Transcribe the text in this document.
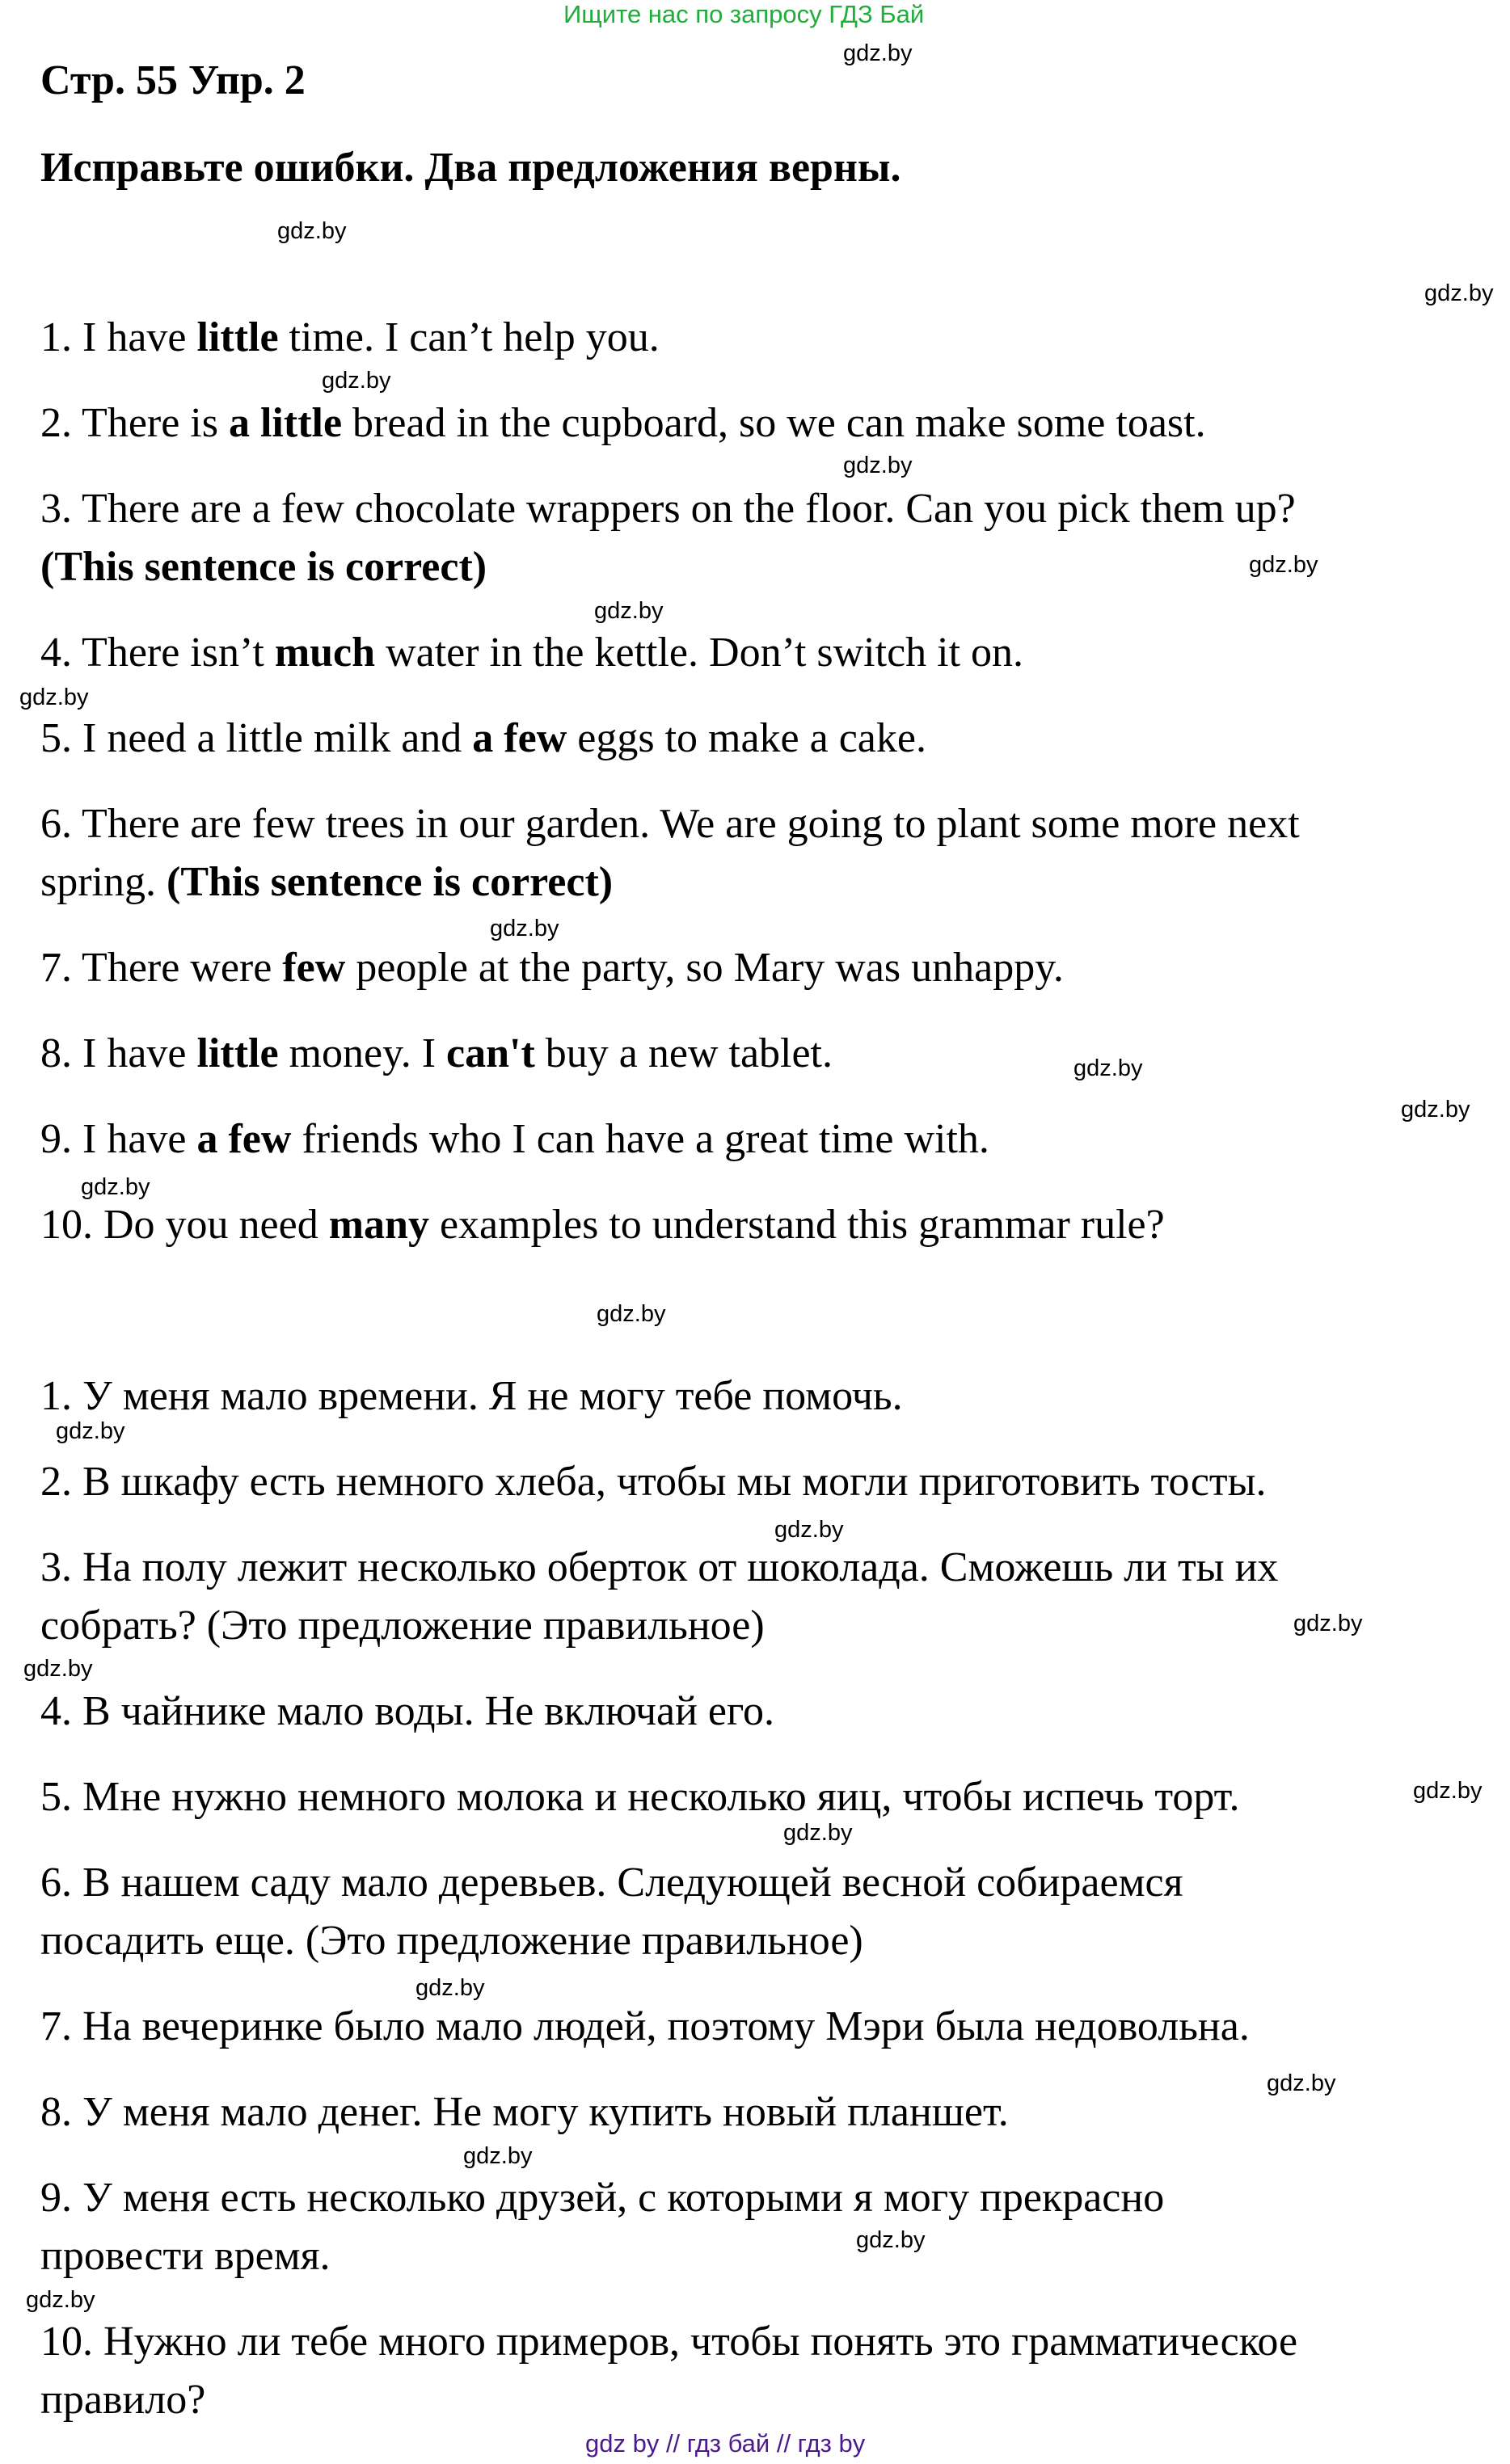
Ищите нас по запросу ГДЗ Бай
Стр. 55 Упр. 2
Исправьте ошибки. Два предложения верны.
1. I have little time. I can’t help you.
2. There is a little bread in the cupboard, so we can make some toast.
3. There are a few chocolate wrappers on the floor. Can you pick them up?
(This sentence is correct)
4. There isn’t much water in the kettle. Don’t switch it on.
5. I need a little milk and a few eggs to make a cake.
6. There are few trees in our garden. We are going to plant some more next
spring. (This sentence is correct)
7. There were few people at the party, so Mary was unhappy.
8. I have little money. I can't buy a new tablet.
9. I have a few friends who I can have a great time with.
10. Do you need many examples to understand this grammar rule?
1. У меня мало времени. Я не могу тебе помочь.
2. В шкафу есть немного хлеба, чтобы мы могли приготовить тосты.
3. На полу лежит несколько оберток от шоколада. Сможешь ли ты их
собрать? (Это предложение правильное)
4. В чайнике мало воды. Не включай его.
5. Мне нужно немного молока и несколько яиц, чтобы испечь торт.
6. В нашем саду мало деревьев. Следующей весной собираемся
посадить еще. (Это предложение правильное)
7. На вечеринке было мало людей, поэтому Мэри была недовольна.
8. У меня мало денег. Не могу купить новый планшет.
9. У меня есть несколько друзей, с которыми я могу прекрасно
провести время.
10. Нужно ли тебе много примеров, чтобы понять это грамматическое
правило?
gdz.by
gdz.by
gdz.by
gdz.by
gdz.by
gdz.by
gdz.by
gdz.by
gdz.by
gdz.by
gdz.by
gdz.by
gdz.by
gdz.by
gdz.by
gdz.by
gdz.by
gdz.by
gdz.by
gdz.by
gdz.by
gdz.by
gdz.by
gdz.by
gdz by // гдз бай // гдз by
